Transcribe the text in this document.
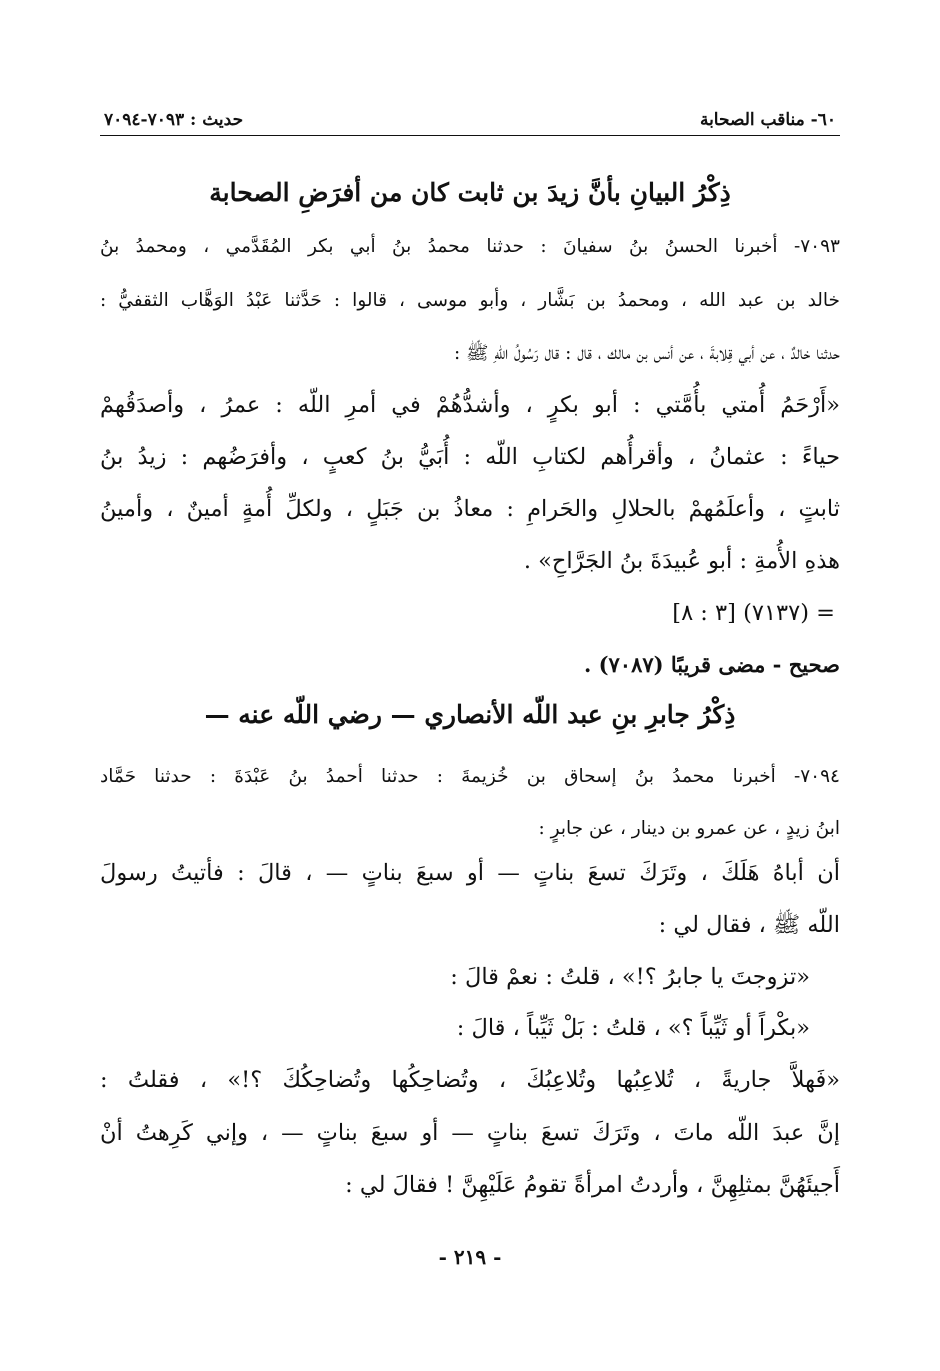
٦٠- مناقب الصحابة
حديث : ٧٠٩٣-٧٠٩٤
ذِكْرُ البيانِ بأنَّ زيدَ بن ثابت كان من أفرَضِ الصحابة
٧٠٩٣- أخبرنا الحسنُ بنُ سفيانَ : حدثنا محمدُ بنُ أبي بكر المُقَدَّمي ، ومحمدُ بنُ
خالد بن عبد الله ، ومحمدُ بن بَشَّار ، وأبو موسى ، قالوا : حَدَّثنا عَبْدُ الوَهَّاب الثقفيُّ :
حدثنا خالدٌ ، عن أبي قِلابةَ ، عن أنس بن مالك ، قال : قال رَسُولُ اللّهِ ﷺ :
«أَرْحَمُ أُمتي بأُمَّتي : أبو بكرٍ ، وأشدُّهُمْ في أمرِ اللّه : عمرُ ، وأصدَقُهمْ
حياءً : عثمانُ ، وأقرأُهم لكتابِ اللّه : أُبَيُّ بنُ كعبٍ ، وأفرَضُهم : زيدُ بنُ
ثابتٍ ، وأعلَمُهمْ بالحلالِ والحَرامِ : معاذُ بن جَبَلٍ ، ولكلِّ أُمةٍ أمينٌ ، وأمينُ
هذهِ الأُمةِ : أبو عُبيدَةَ بنُ الجَرَّاحِ» .
= (٧١٣٧) [٣ : ٨]
صحيح - مضى قريبًا (٧٠٨٧) .
ذِكْرُ جابرِ بنِ عبد اللّه الأنصاري — رضي اللّه عنه —
٧٠٩٤- أخبرنا محمدُ بنُ إسحاق بن خُزيمةَ : حدثنا أحمدُ بنُ عَبْدَةَ : حدثنا حَمَّاد
ابنُ زيدٍ ، عن عمرو بن دينار ، عن جابرٍ :
أن أباهُ هَلَكَ ، وتَرَكَ تسعَ بناتٍ — أو سبعَ بناتٍ — ، قالَ : فأتيتُ رسولَ
اللّه ﷺ ، فقال لي :
«تزوجتَ يا جابرُ ؟!» ، قلتُ : نعمْ قالَ :
«بكْراً أو ثَيِّباً ؟» ، قلتُ : بَلْ ثَيِّباً ، قالَ :
«فَهلاَّ جاريةً ، تُلاعِبُها وتُلاعِبُكَ ، وتُضاحِكُها وتُضاحِكُكَ ؟!» ، فقلتُ :
إنَّ عبدَ اللّه ماتَ ، وتَرَكَ تسعَ بناتٍ — أو سبعَ بناتٍ — ، وإني كَرِهتُ أنْ
أَجيئَهُنَّ بمثلِهِنَّ ، وأردتُ امرأةً تقومُ عَلَيْهِنَّ ! فقالَ لي :
- ٢١٩ -
